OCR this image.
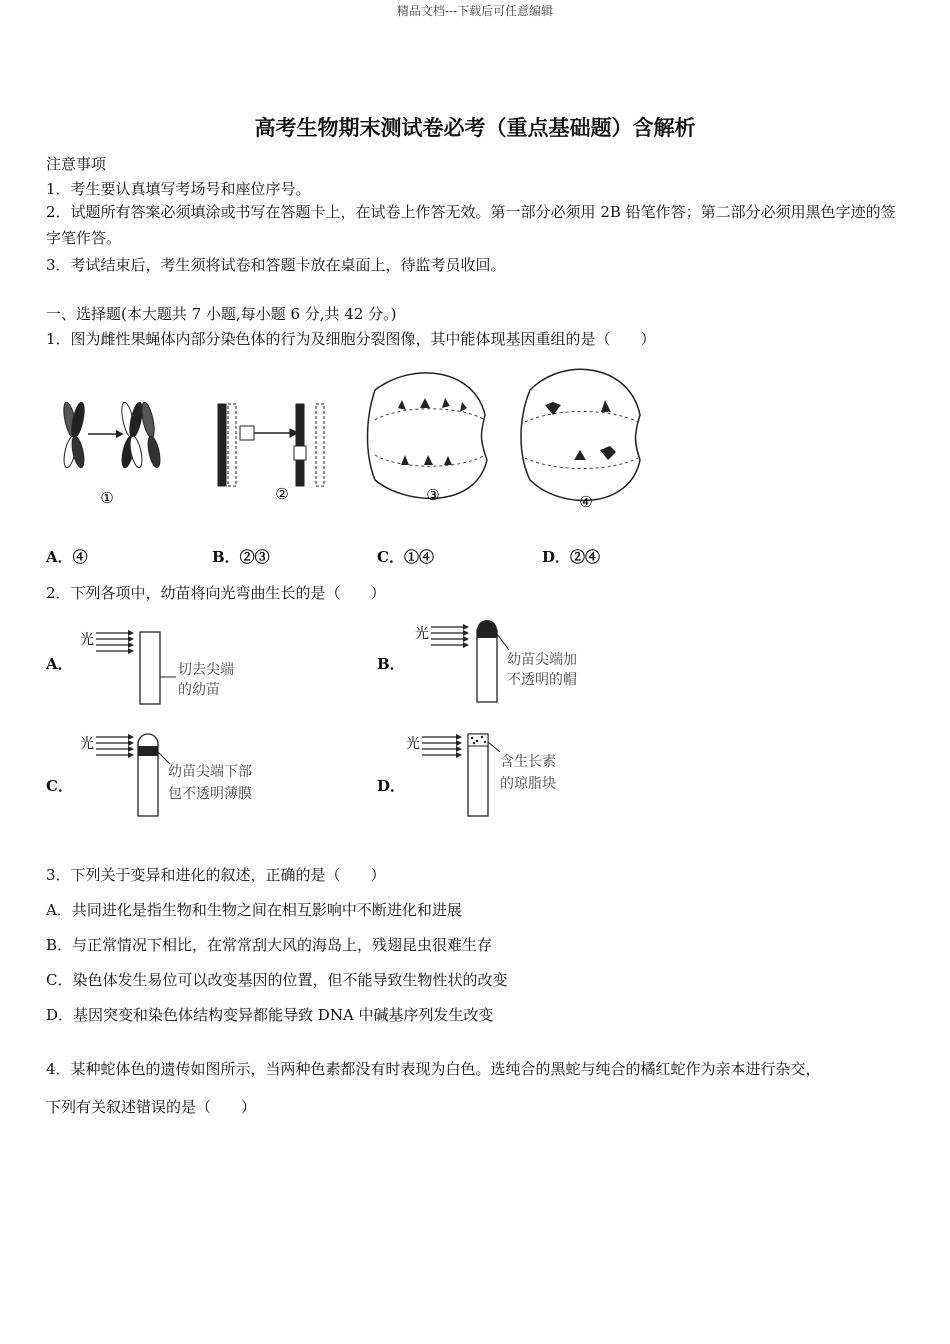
精品文档---下载后可任意编辑
高考生物期末测试卷必考（重点基础题）含解析
注意事项
1．考生要认真填写考场号和座位序号。
2．试题所有答案必须填涂或书写在答题卡上，在试卷上作答无效。第一部分必须用 2B 铅笔作答；第二部分必须用黑色字迹的签字笔作答。
3．考试结束后，考生须将试卷和答题卡放在桌面上，待监考员收回。
一、选择题(本大题共 7 小题,每小题 6 分,共 42 分。)
1．图为雌性果蝇体内部分染色体的行为及细胞分裂图像，其中能体现基因重组的是（　　）
①	②	③	④
A．④	B．②③	C．①④	D．②④
2．下列各项中，幼苗将向光弯曲生长的是（　　）
A．
光
切去尖端
的幼苗
B．
光
幼苗尖端加
不透明的帽
C．
光
幼苗尖端下部
包不透明薄膜	D．
光
含生长素
的琼脂块
3．下列关于变异和进化的叙述，正确的是（　　）
A．共同进化是指生物和生物之间在相互影响中不断进化和进展
B．与正常情况下相比，在常常刮大风的海岛上，残翅昆虫很难生存
C．染色体发生易位可以改变基因的位置，但不能导致生物性状的改变
D．基因突变和染色体结构变异都能导致 DNA 中碱基序列发生改变
4．某种蛇体色的遗传如图所示，当两种色素都没有时表现为白色。选纯合的黑蛇与纯合的橘红蛇作为亲本进行杂交，
下列有关叙述错误的是（　　）
